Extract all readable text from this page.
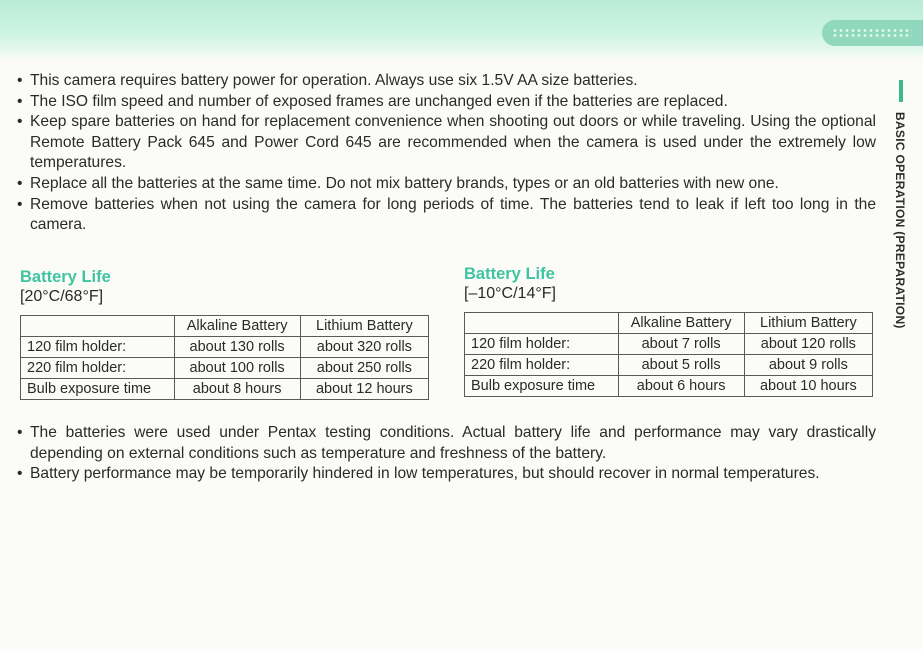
BASIC OPERATION (PREPARATION)
• This camera requires battery power for operation. Always use six 1.5V AA size batteries.
• The ISO film speed and number of exposed frames are unchanged even if the batteries are replaced.
• Keep spare batteries on hand for replacement convenience when shooting out doors or while traveling. Using the optional Remote Battery Pack 645 and Power Cord 645 are recommended when the camera is used under the extremely low temperatures.
• Replace all the batteries at the same time. Do not mix battery brands, types or an old batteries with new one.
• Remove batteries when not using the camera for long periods of time. The batteries tend to leak if left too long in the camera.
Battery Life
[20°C/68°F]
	Alkaline Battery	Lithium Battery
120 film holder:	about 130 rolls	about 320 rolls
220 film holder:	about 100 rolls	about 250 rolls
Bulb exposure time	about 8 hours	about 12 hours
Battery Life
[–10°C/14°F]
	Alkaline Battery	Lithium Battery
120 film holder:	about 7 rolls	about 120 rolls
220 film holder:	about 5 rolls	about 9 rolls
Bulb exposure time	about 6 hours	about 10 hours
• The batteries were used under Pentax testing conditions. Actual battery life and performance may vary drastically depending on external conditions such as temperature and freshness of the battery.
• Battery performance may be temporarily hindered in low temperatures, but should recover in normal temperatures.
